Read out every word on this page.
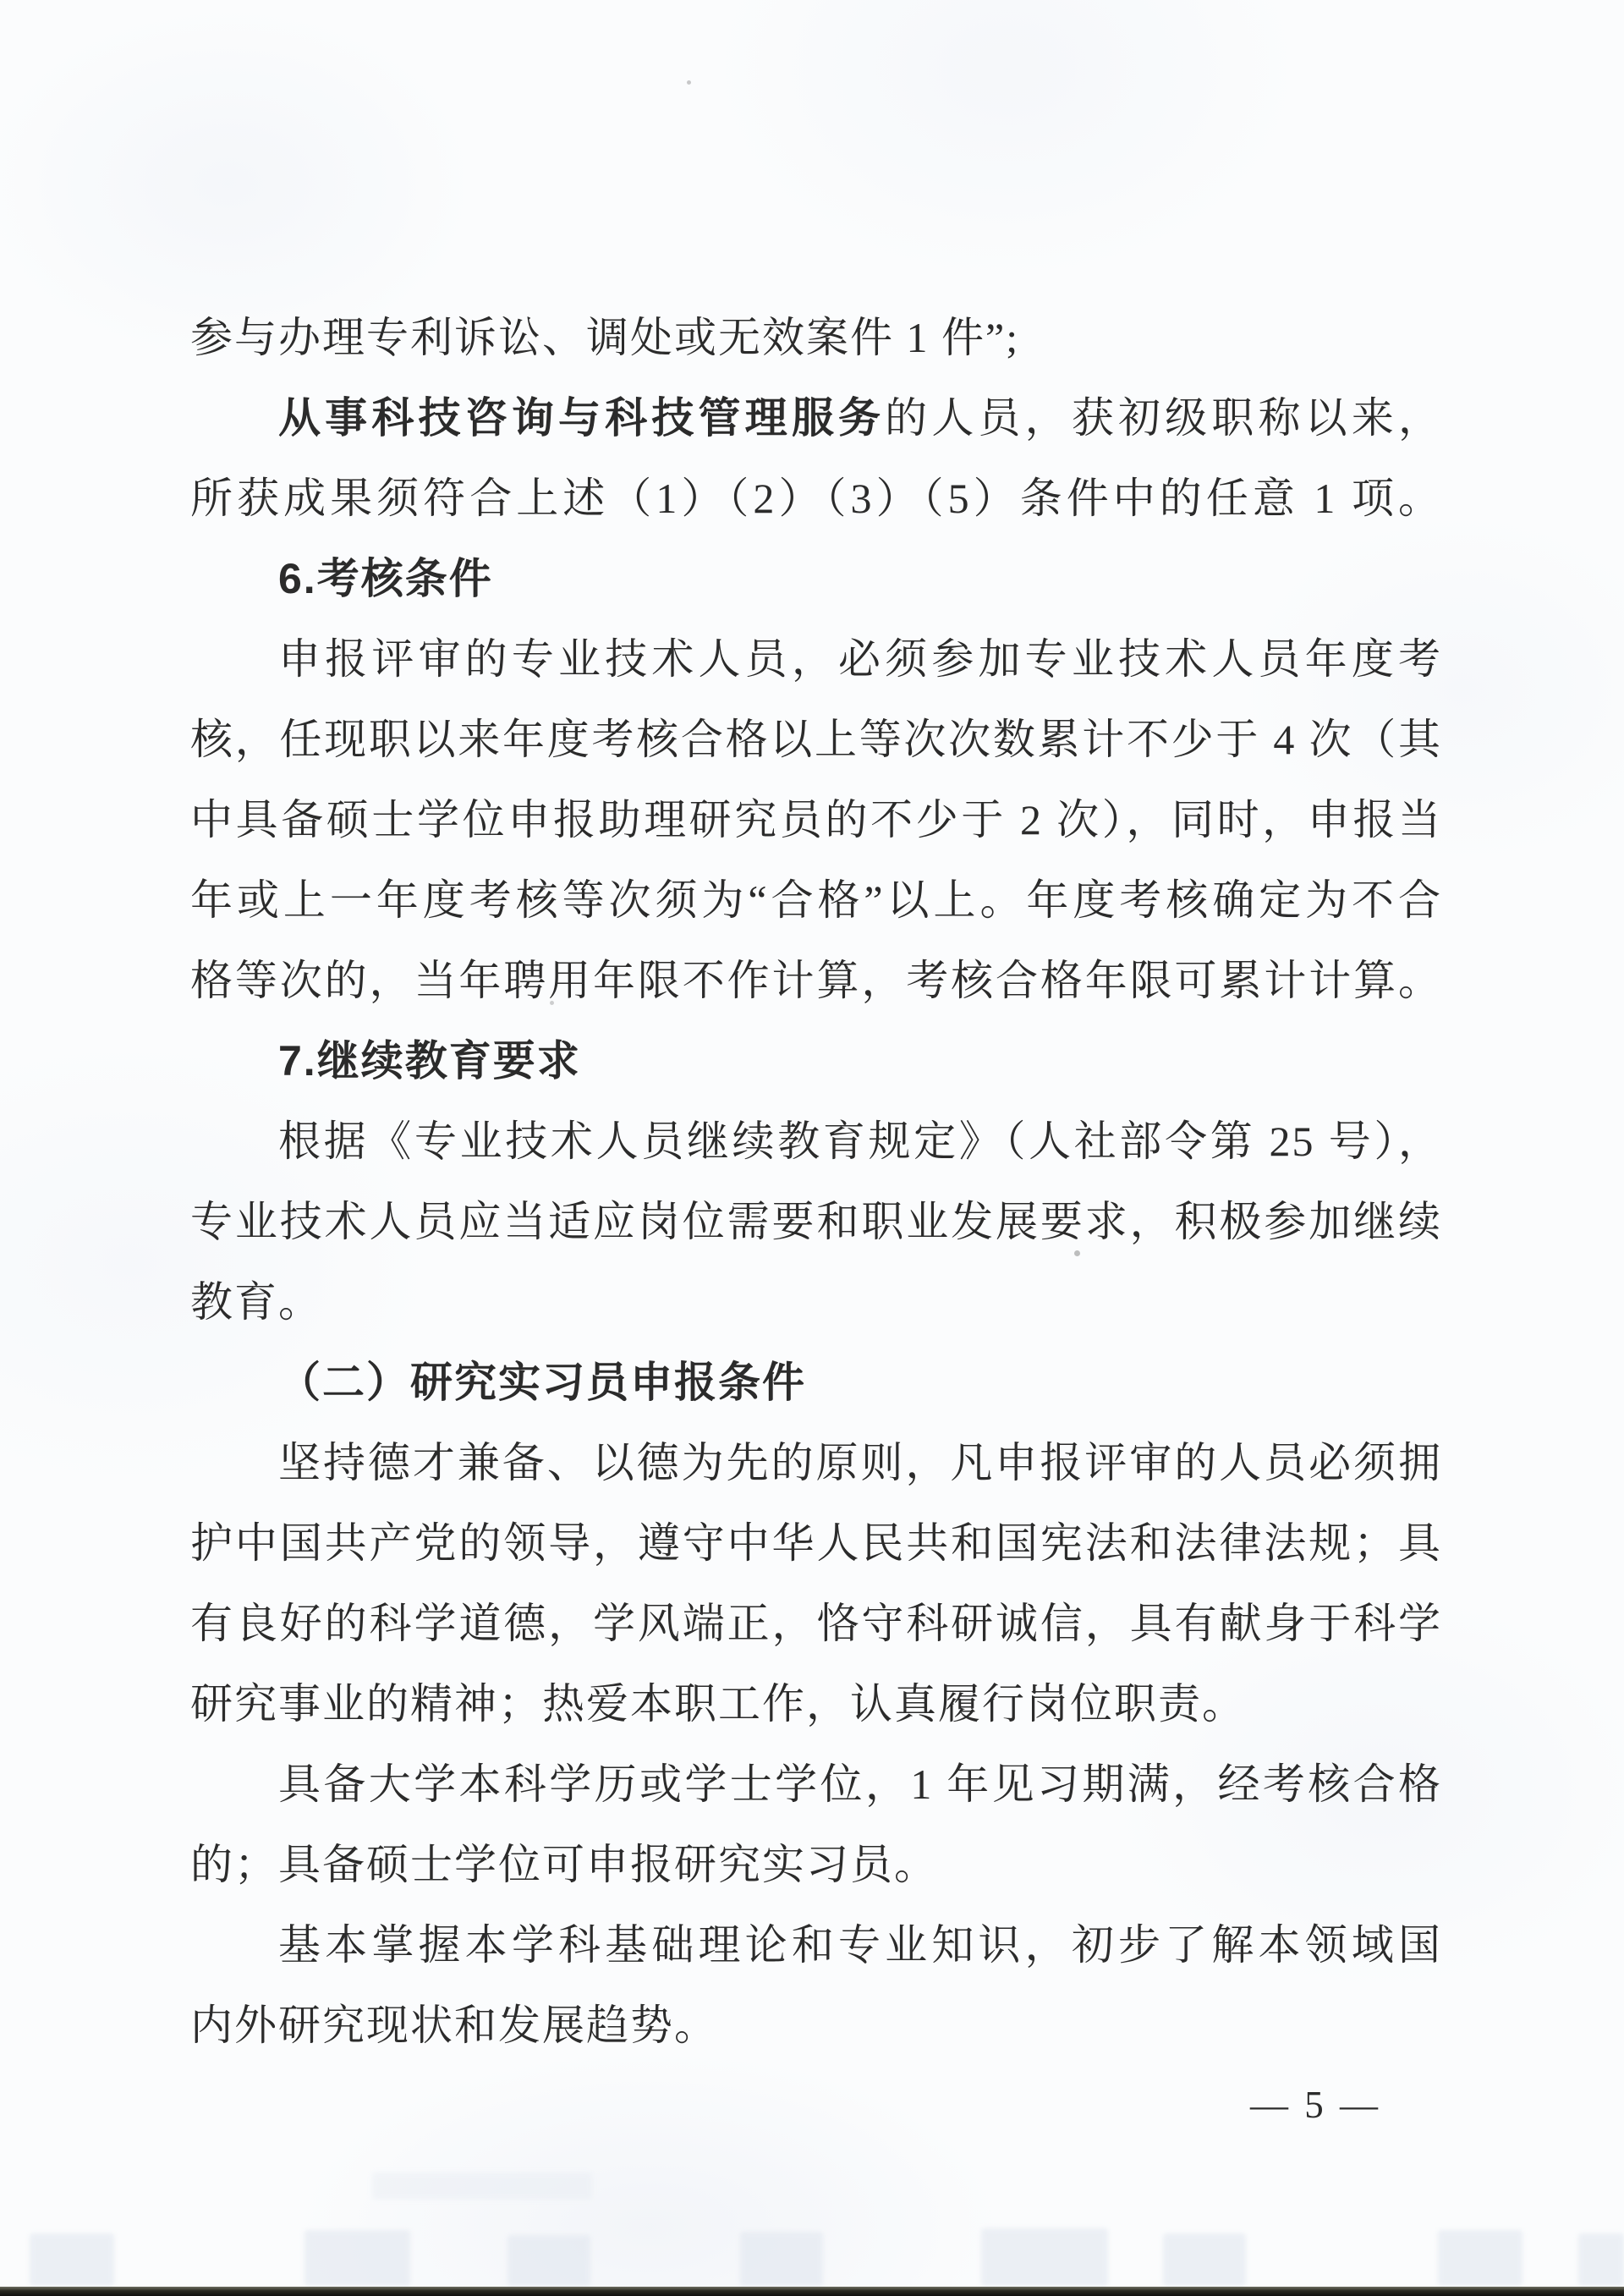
参与办理专利诉讼、调处或无效案件 1 件”;
从事科技咨询与科技管理服务的人员，获初级职称以来，
所获成果须符合上述（1）（2）（3）（5）条件中的任意 1 项。
6.考核条件
申报评审的专业技术人员，必须参加专业技术人员年度考
核，任现职以来年度考核合格以上等次次数累计不少于 4 次（其
中具备硕士学位申报助理研究员的不少于 2 次），同时，申报当
年或上一年度考核等次须为“合格”以上。年度考核确定为不合
格等次的，当年聘用年限不作计算，考核合格年限可累计计算。
7.继续教育要求
根据《专业技术人员继续教育规定》（人社部令第 25 号），
专业技术人员应当适应岗位需要和职业发展要求，积极参加继续
教育。
（二）研究实习员申报条件
坚持德才兼备、以德为先的原则，凡申报评审的人员必须拥
护中国共产党的领导，遵守中华人民共和国宪法和法律法规；具
有良好的科学道德，学风端正，恪守科研诚信，具有献身于科学
研究事业的精神；热爱本职工作，认真履行岗位职责。
具备大学本科学历或学士学位，1 年见习期满，经考核合格
的；具备硕士学位可申报研究实习员。
基本掌握本学科基础理论和专业知识，初步了解本领域国
内外研究现状和发展趋势。
— 5 —
